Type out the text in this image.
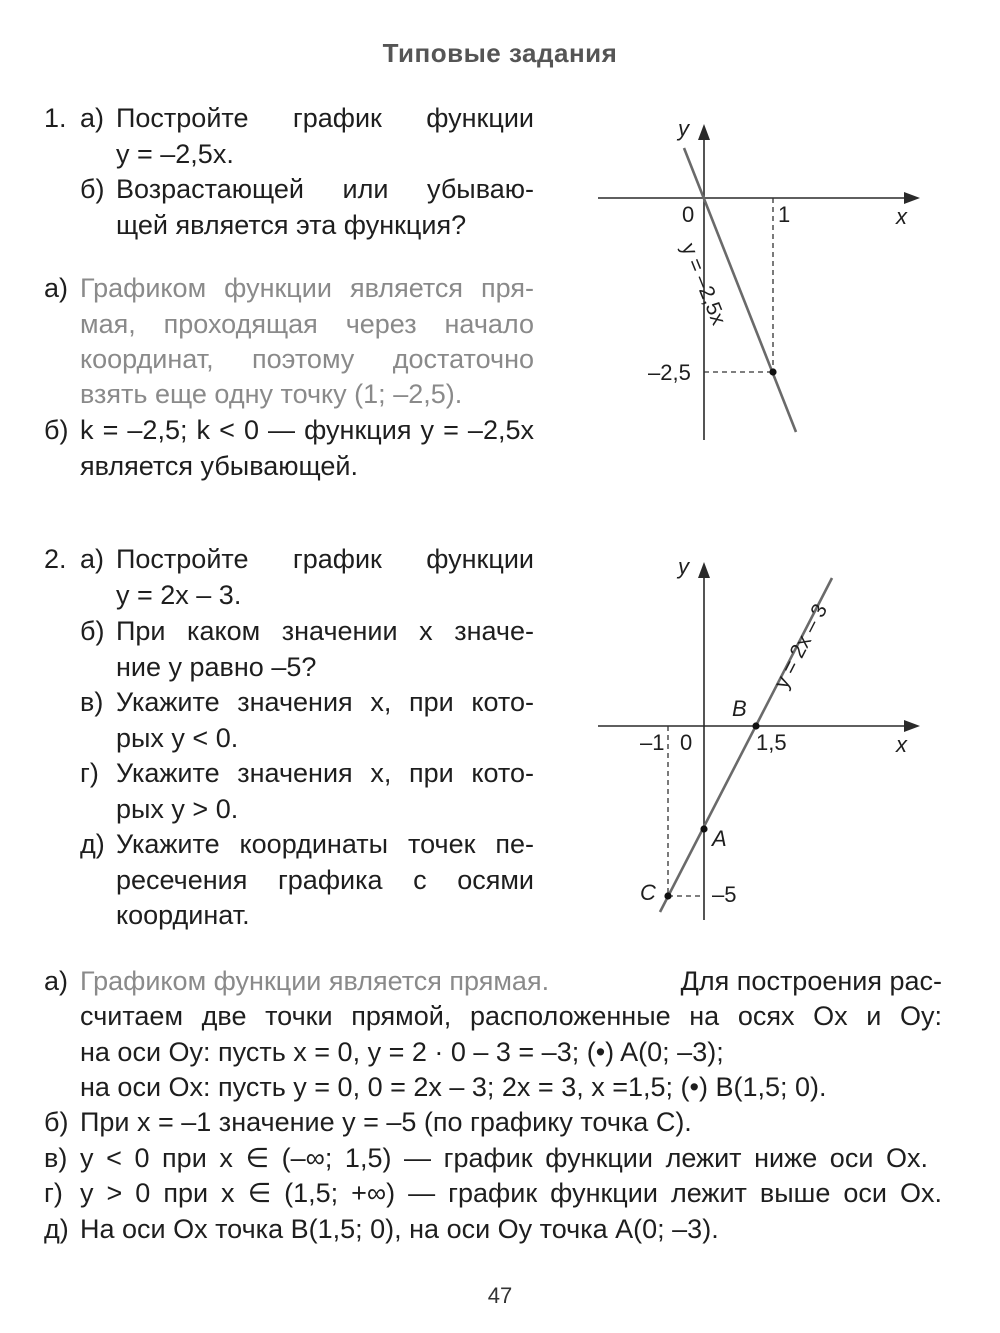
Типовые задания
1. а) Постройте график функции
y = –2,5x.
б) Возрастающей или убываю-
щей является эта функция?
а) Графиком функции является пря-
мая, проходящая через начало
координат, поэтому достаточно
взять еще одну точку (1; –2,5).
б) k = –2,5; k < 0 — функция y = –2,5x
является убывающей.
y
x
0	1
–2,5
y = –2,5x
2. а) Постройте график функции
y = 2x – 3.
б) При каком значении x значе-
ние y равно –5?
в) Укажите значения x, при кото-
рых y < 0.
г) Укажите значения x, при кото-
рых y > 0.
д) Укажите координаты точек пе-
ресечения графика с осями
координат.
y
x
0
–1	1,5
–5
A
B
C
y = 2x – 3
а) Графиком функции является прямая.	Для построения рас-
считаем две точки прямой, расположенные на осях Ox и Oy:
на оси Oy: пусть x = 0, y = 2 · 0 – 3 = –3; (•) A(0; –3);
на оси Ox: пусть y = 0, 0 = 2x – 3; 2x = 3, x =1,5; (•) B(1,5; 0).
б) При x = –1 значение y = –5 (по графику точка C).
в) y < 0 при x ∈ (–∞; 1,5) — график функции лежит ниже оси Ox.
г) y > 0 при x ∈ (1,5; +∞) — график функции лежит выше оси Ox.
д) На оси Ox точка B(1,5; 0), на оси Oy точка A(0; –3).
47
